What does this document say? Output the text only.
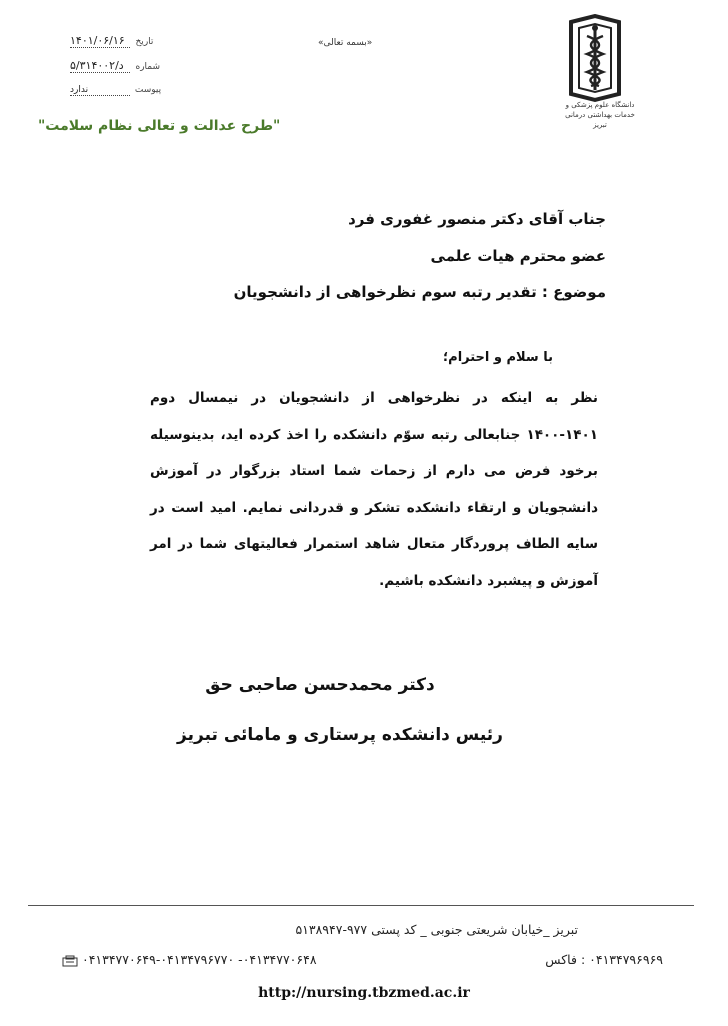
۱۴۰۱/۰۶/۱۶ تاریخ
۵/د/۳۱۴۰۰۲ شماره
ندارد	پیوست
"طرح عدالت و تعالی نظام سلامت"
«بسمه تعالی»
دانشگاه علوم پزشکی و خدمات بهداشتی درمانی تبریز
جناب آقای دکتر منصور غفوری فرد
عضو محترم هیات علمی
موضوع : تقدیر رتبه سوم نظرخواهی از دانشجویان
با سلام و احترام؛

نظر به اینکه در نظرخواهی از دانشجویان در نیمسال دوم ۱۴۰۱-۱۴۰۰ جنابعالی رتبه سوّم دانشکده را اخذ کرده اید، بدینوسیله برخود فرض می دارم از زحمات شما استاد بزرگوار در آموزش دانشجویان و ارتقاء دانشکده تشکر و قدردانی نمایم. امید است در سایه الطاف پروردگار متعال شاهد استمرار فعالیتهای شما در امر آموزش و پیشبرد دانشکده باشیم.

دکتر محمدحسن صاحبی حق
رئیس دانشکده پرستاری و مامائی تبریز
تبریز _خیابان شریعتی جنوبی _ کد پستی ۹۷۷-۵۱۳۸۹۴۷
۰۴۱۳۴۷۹۶۹۶۹ : فاکس
۰۴۱۳۴۷۷۰۶۴۸- ۰۴۱۳۴۷۷۰۶۴۹-۰۴۱۳۴۷۹۶۷۷۰
http://nursing.tbzmed.ac.ir
